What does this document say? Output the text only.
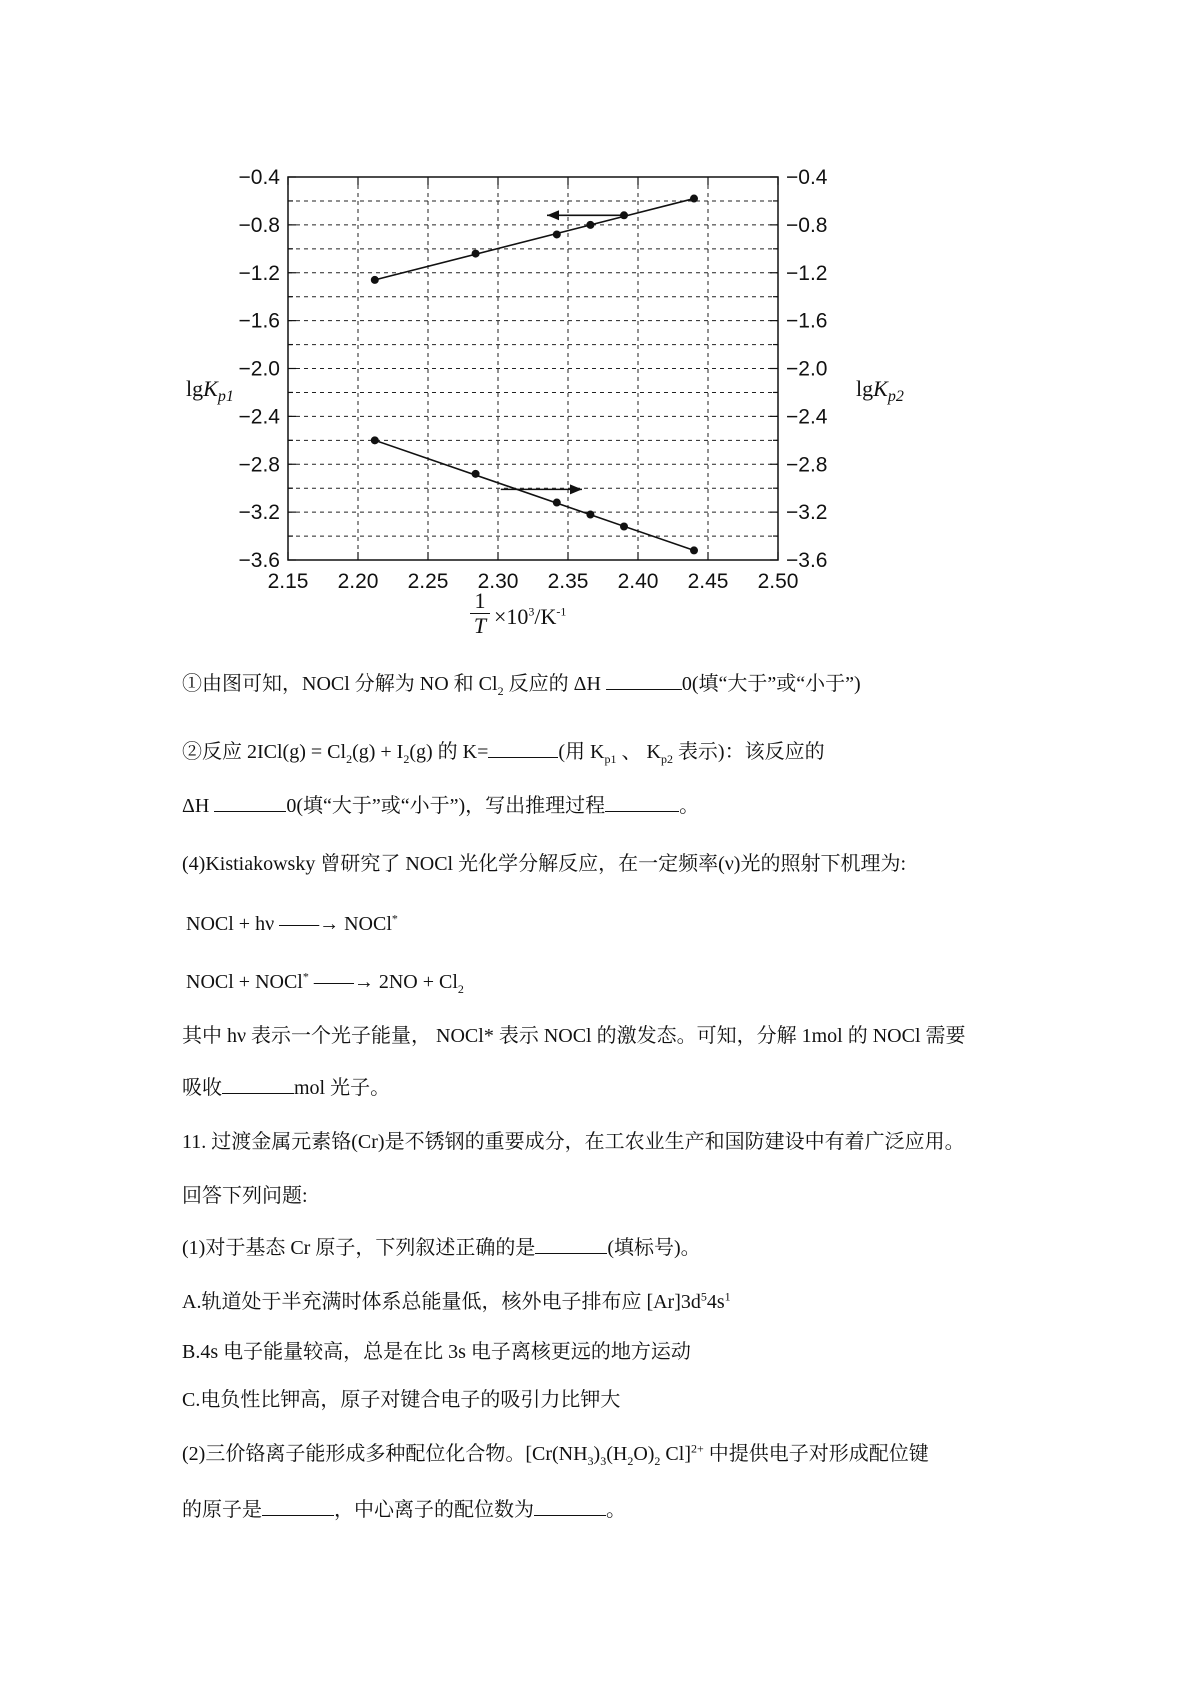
2.15 2.20 2.25 2.30 2.35 2.40 2.45 2.50
−0.4
−0.8
−1.2
−1.6
−2.0
−2.4
−2.8
−3.2
−3.6
−0.4
−0.8
−1.2
−1.6
−2.0
−2.4
−2.8
−3.2
−3.6
lgK$_{p1}$	lgK$_{p2}$
1
$T \times 10^3/K^{-1}$
①由图可知，NOCl 分解为 NO 和 $Cl_2$ 反应的 ΔH	0(填“大于”或“小于”)
②反应 $2ICl(g) = Cl_2(g) + I_2(g)$ 的 K=	(用 $K_{p1}$ 、 $K_{p2}$ 表示)：该反应的
ΔH	0(填“大于”或“小于”)，写出推理过程	。
(4)Kistiakowsky 曾研究了 NOCl 光化学分解反应，在一定频率(ν)光的照射下机理为:
NOCl + hν ——→ NOCl*
NOCl + NOCl* ——→ $2NO + Cl_2$
其中 hν 表示一个光子能量， NOCl* 表示 NOCl 的激发态。可知，分解 1mol 的 NOCl 需要
吸收	mol 光子。
11. 过渡金属元素铬(Cr)是不锈钢的重要成分，在工农业生产和国防建设中有着广泛应用。
回答下列问题:
(1)对于基态 Cr 原子，下列叙述正确的是	(填标号)。
A.轨道处于半充满时体系总能量低，核外电子排布应 $[Ar]3d^54s^1$
B.4s 电子能量较高，总是在比 3s 电子离核更远的地方运动
C.电负性比钾高，原子对键合电子的吸引力比钾大
(2)三价铬离子能形成多种配位化合物。[$Cr(NH_3)_3(H_2O)_2$ Cl]$^{2+}$ 中提供电子对形成配位键
的原子是	，中心离子的配位数为	。
